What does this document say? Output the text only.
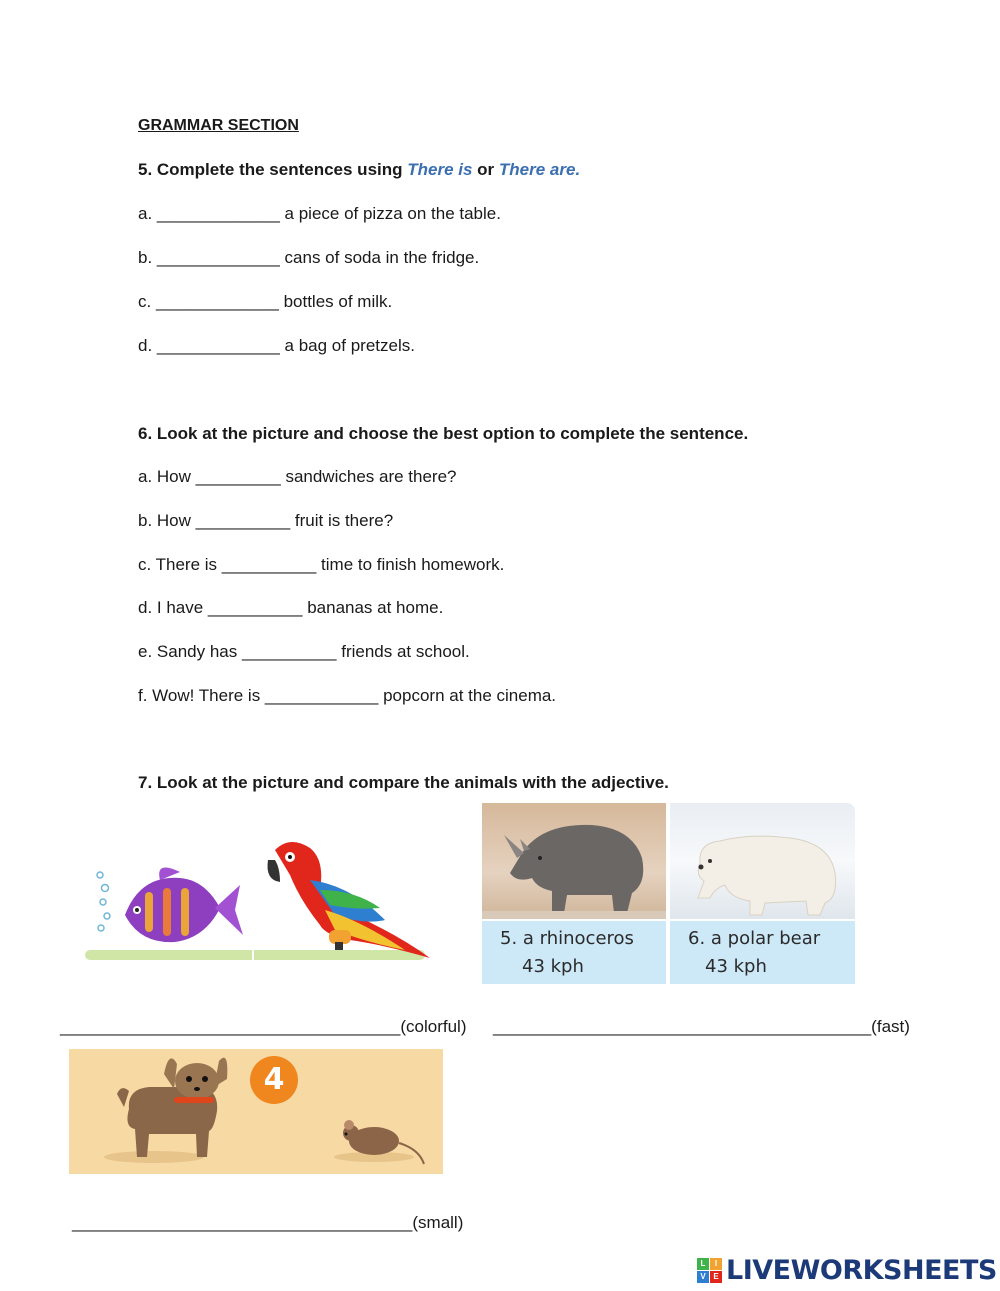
GRAMMAR SECTION
5. Complete the sentences using There is or There are.
a. _____________ a piece of pizza on the table.
b. _____________ cans of soda in the fridge.
c. _____________ bottles of milk.
d. _____________ a bag of pretzels.
6. Look at the picture and choose the best option to complete the sentence.
a. How _________ sandwiches are there?
b. How __________ fruit is there?
c. There is __________ time to finish homework.
d. I have __________ bananas at home.
e. Sandy has __________ friends at school.
f. Wow! There is ____________ popcorn at the cinema.
7. Look at the picture and compare the animals with the adjective.
5. a rhinoceros
43 kph
6. a polar bear
43 kph
____________________________________(colorful) ________________________________________(fast)
4
____________________________________(small)
L	I
V E LIVEWORKSHEETS
